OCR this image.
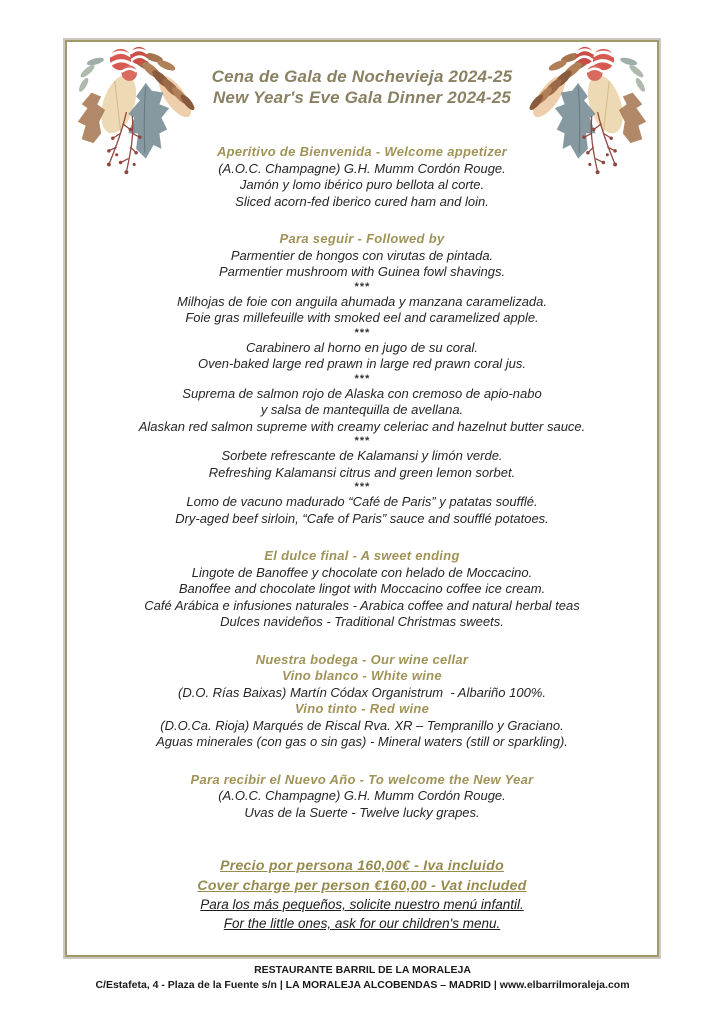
Cena de Gala de Nochevieja 2024-25
New Year's Eve Gala Dinner 2024-25
Aperitivo de Bienvenida - Welcome appetizer
(A.O.C. Champagne) G.H. Mumm Cordón Rouge.
Jamón y lomo ibérico puro bellota al corte.
Sliced acorn-fed iberico cured ham and loin.
Para seguir - Followed by
Parmentier de hongos con virutas de pintada.
Parmentier mushroom with Guinea fowl shavings.
***
Milhojas de foie con anguila ahumada y manzana caramelizada.
Foie gras millefeuille with smoked eel and caramelized apple.
***
Carabinero al horno en jugo de su coral.
Oven-baked large red prawn in large red prawn coral jus.
***
Suprema de salmon rojo de Alaska con cremoso de apio-nabo
y salsa de mantequilla de avellana.
Alaskan red salmon supreme with creamy celeriac and hazelnut butter sauce.
***
Sorbete refrescante de Kalamansi y limón verde.
Refreshing Kalamansi citrus and green lemon sorbet.
***
Lomo de vacuno madurado “Café de Paris” y patatas soufflé.
Dry-aged beef sirloin, “Cafe of Paris” sauce and soufflé potatoes.
El dulce final - A sweet ending
Lingote de Banoffee y chocolate con helado de Moccacino.
Banoffee and chocolate lingot with Moccacino coffee ice cream.
Café Arábica e infusiones naturales - Arabica coffee and natural herbal teas
Dulces navideños - Traditional Christmas sweets.
Nuestra bodega - Our wine cellar
Vino blanco - White wine
(D.O. Rías Baixas) Martín Códax Organistrum  - Albariño 100%.
Vino tinto - Red wine
(D.O.Ca. Rioja) Marqués de Riscal Rva. XR – Tempranillo y Graciano.
Aguas minerales (con gas o sin gas) - Mineral waters (still or sparkling).
Para recibir el Nuevo Año - To welcome the New Year
(A.O.C. Champagne) G.H. Mumm Cordón Rouge.
Uvas de la Suerte - Twelve lucky grapes.
Precio por persona 160,00€ - Iva incluido
Cover charge per person €160,00 - Vat included
Para los más pequeños, solicite nuestro menú infantil.
For the little ones, ask for our children's menu.
RESTAURANTE BARRIL DE LA MORALEJA
C/Estafeta, 4 - Plaza de la Fuente s/n | LA MORALEJA ALCOBENDAS – MADRID | www.elbarrilmoraleja.com
